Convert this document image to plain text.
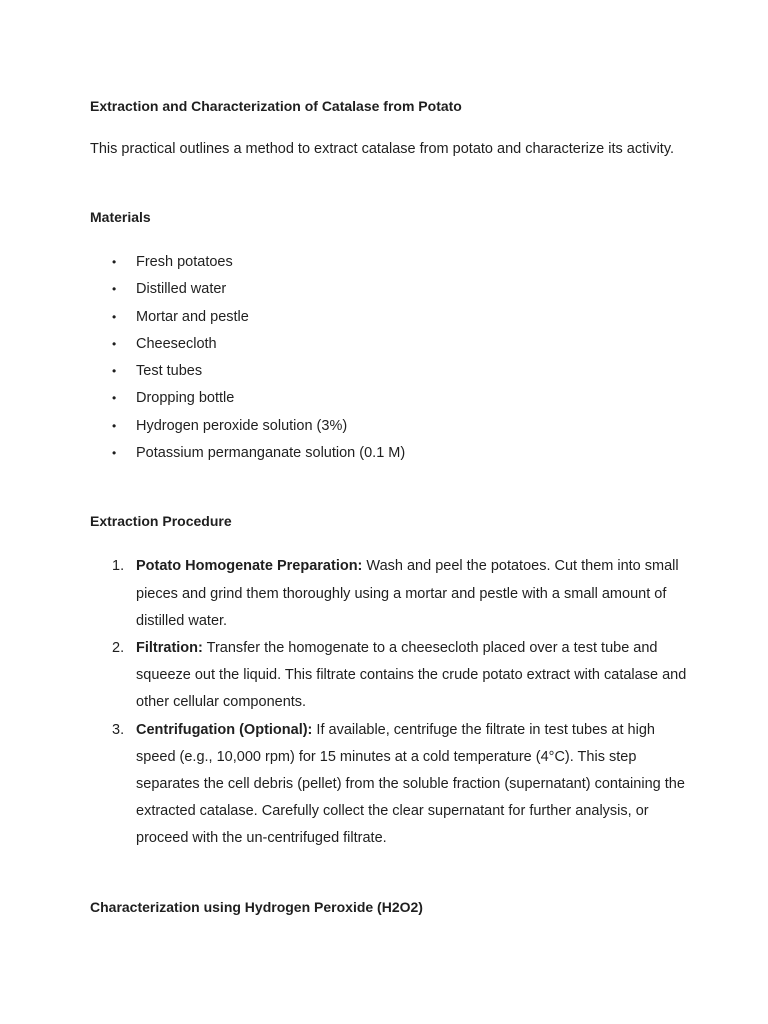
Extraction and Characterization of Catalase from Potato

This practical outlines a method to extract catalase from potato and characterize its activity.

Materials
• Fresh potatoes
• Distilled water
• Mortar and pestle
• Cheesecloth
• Test tubes
• Dropping bottle
• Hydrogen peroxide solution (3%)
• Potassium permanganate solution (0.1 M)
Extraction Procedure
1. Potato Homogenate Preparation: Wash and peel the potatoes. Cut them into small pieces and grind them thoroughly using a mortar and pestle with a small amount of distilled water.
2. Filtration: Transfer the homogenate to a cheesecloth placed over a test tube and squeeze out the liquid. This filtrate contains the crude potato extract with catalase and other cellular components.
3. Centrifugation (Optional): If available, centrifuge the filtrate in test tubes at high speed (e.g., 10,000 rpm) for 15 minutes at a cold temperature (4°C). This step separates the cell debris (pellet) from the soluble fraction (supernatant) containing the extracted catalase. Carefully collect the clear supernatant for further analysis, or proceed with the un-centrifuged filtrate.
Characterization using Hydrogen Peroxide (H2O2)
